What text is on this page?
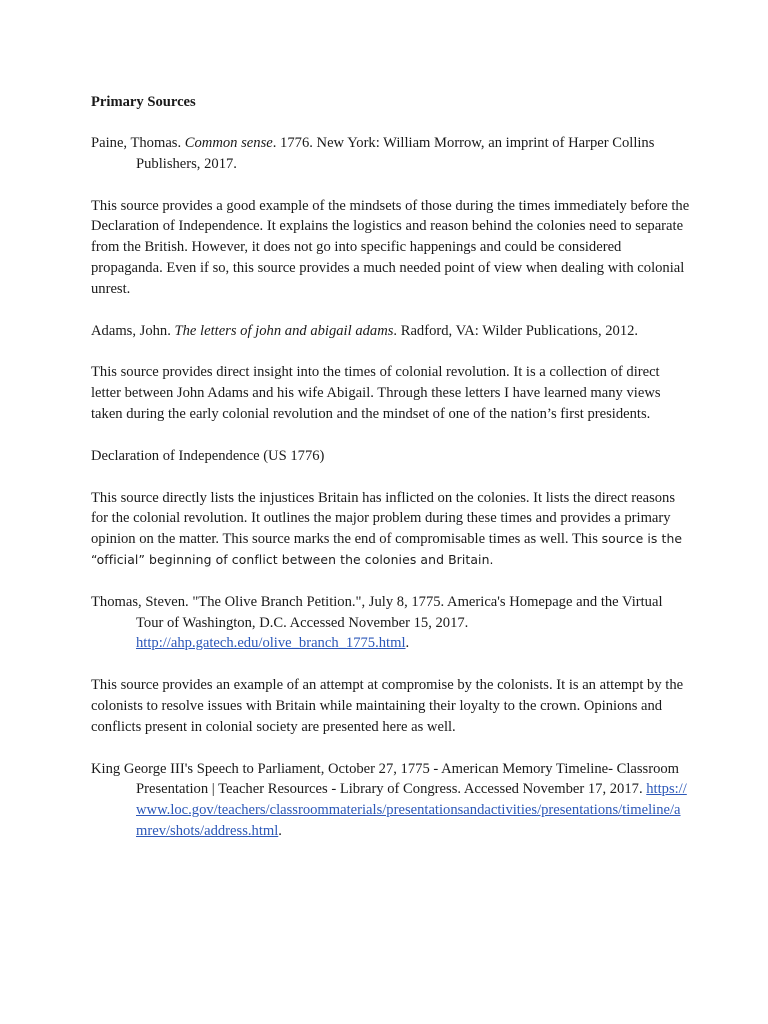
Primary Sources
Paine, Thomas. Common sense. 1776. New York: William Morrow, an imprint of Harper Collins Publishers, 2017.
This source provides a good example of the mindsets of those during the times immediately before the Declaration of Independence. It explains the logistics and reason behind the colonies need to separate from the British. However, it does not go into specific happenings and could be considered propaganda. Even if so, this source provides a much needed point of view when dealing with colonial unrest.
Adams, John. The letters of john and abigail adams. Radford, VA: Wilder Publications, 2012.
This source provides direct insight into the times of colonial revolution. It is a collection of direct letter between John Adams and his wife Abigail. Through these letters I have learned many views taken during the early colonial revolution and the mindset of one of the nation’s first presidents.
Declaration of Independence (US 1776)
This source directly lists the injustices Britain has inflicted on the colonies. It lists the direct reasons for the colonial revolution. It outlines the major problem during these times and provides a primary opinion on the matter. This source marks the end of compromisable times as well. This source is the “official” beginning of conflict between the colonies and Britain.
Thomas, Steven. "The Olive Branch Petition.", July 8, 1775. America's Homepage and the Virtual Tour of Washington, D.C. Accessed November 15, 2017. http://ahp.gatech.edu/olive_branch_1775.html.
This source provides an example of an attempt at compromise by the colonists. It is an attempt by the colonists to resolve issues with Britain while maintaining their loyalty to the crown. Opinions and conflicts present in colonial society are presented here as well.
King George III's Speech to Parliament, October 27, 1775 - American Memory Timeline- Classroom Presentation | Teacher Resources - Library of Congress. Accessed November 17, 2017. https://www.loc.gov/teachers/classroommaterials/presentationsandactivities/presentations/timeline/amrev/shots/address.html.
